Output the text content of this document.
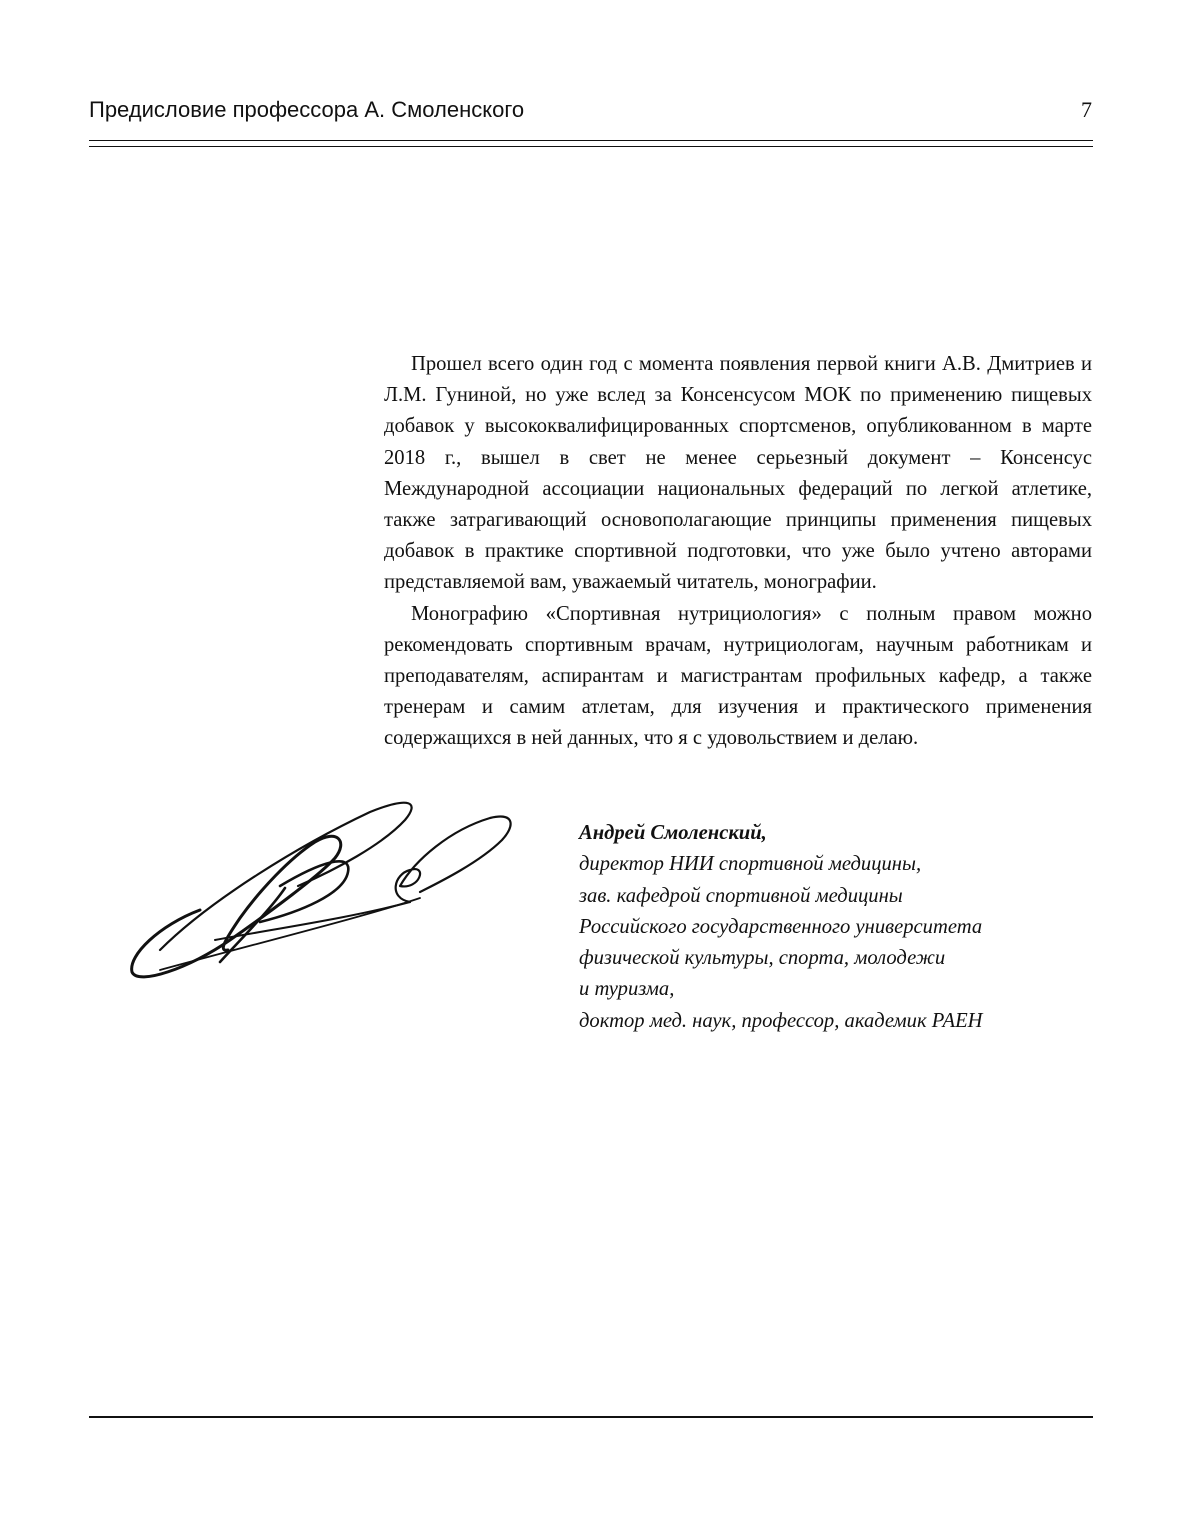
Предисловие профессора А. Смоленского	7

Прошел всего один год с момента появления первой книги А.В. Дмитриев и Л.М. Гуниной, но уже вслед за Консенсусом МОК по применению пищевых добавок у высококвалифицированных спортсменов, опубликованном в марте 2018 г., вышел в свет не менее серьезный документ – Консенсус Международной ассоциации национальных федераций по легкой атлетике, также затрагивающий основополагающие принципы применения пищевых добавок в практике спортивной подготовки, что уже было учтено авторами представляемой вам, уважаемый читатель, монографии.

Монографию «Спортивная нутрициология» с полным правом можно рекомендовать спортивным врачам, нутрициологам, научным работникам и преподавателям, аспирантам и магистрантам профильных кафедр, а также тренерам и самим атлетам, для изучения и практического применения содержащихся в ней данных, что я с удовольствием и делаю.

Андрей Смоленский,
директор НИИ спортивной медицины,
зав. кафедрой спортивной медицины
Российского государственного университета
физической культуры, спорта, молодежи
и туризма,
доктор мед. наук, профессор, академик РАЕН
